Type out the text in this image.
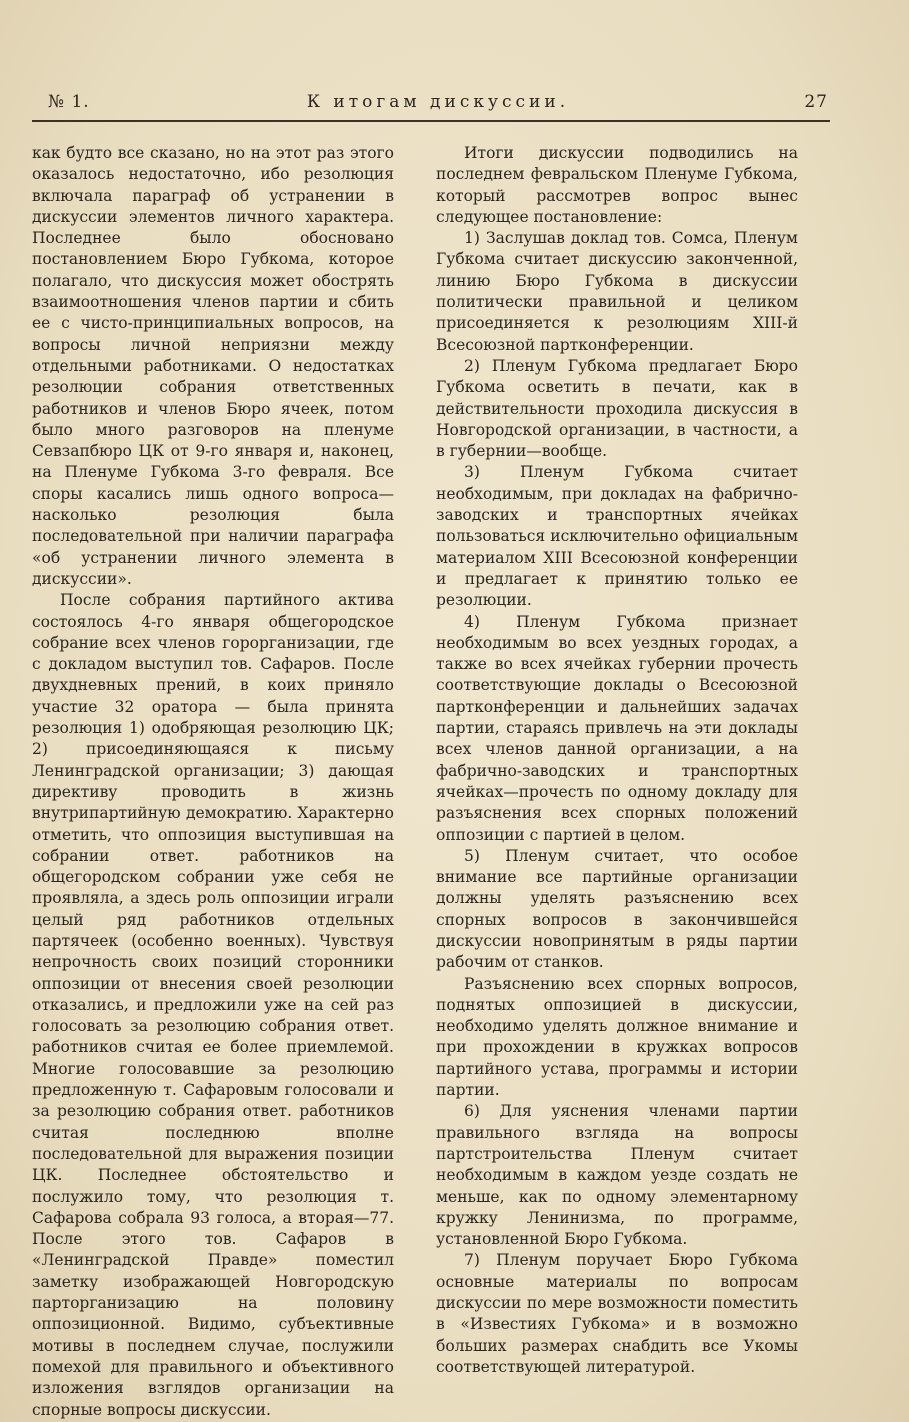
№ 1.	К итогам дискуссии.	27

как будто все сказано, но на этот раз этого оказалось недостаточно, ибо резолюция включала параграф об устранении в дискуссии элементов личного характера. Последнее было обосновано постановлением Бюро Губкома, которое полагало, что дискуссия может обострять взаимоотношения членов партии и сбить ее с чисто-принципиальных вопросов, на вопросы личной неприязни между отдельными работниками. О недостатках резолюции собрания ответственных работников и членов Бюро ячеек, потом было много разговоров на пленуме Севзапбюро ЦК от 9-го января и, наконец, на Пленуме Губкома 3-го февраля. Все споры касались лишь одного вопроса—насколько резолюция была последовательной при наличии параграфа «об устранении личного элемента в дискуссии».

После собрания партийного актива состоялось 4-го января общегородское собрание всех членов горорганизации, где с докладом выступил тов. Сафаров. После двухдневных прений, в коих приняло участие 32 оратора — была принята резолюция 1) одобряющая резолюцию ЦК; 2) присоединяющаяся к письму Ленинградской организации; 3) дающая директиву проводить в жизнь внутрипартийную демократию. Характерно отметить, что оппозиция выступившая на собрании ответ. работников на общегородском собрании уже себя не проявляла, а здесь роль оппозиции играли целый ряд работников отдельных партячеек (особенно военных). Чувствуя непрочность своих позиций сторонники оппозиции от внесения своей резолюции отказались, и предложили уже на сей раз голосовать за резолюцию собрания ответ. работников считая ее более приемлемой. Многие голосовавшие за резолюцию предложенную т. Сафаровым голосовали и за резолюцию собрания ответ. работников считая последнюю вполне последовательной для выражения позиции ЦК. Последнее обстоятельство и послужило тому, что резолюция т. Сафарова собрала 93 голоса, а вторая—77. После этого тов. Сафаров в «Ленинградской Правде» поместил заметку изображающей Новгородскую парторганизацию на половину оппозиционной. Видимо, субъективные мотивы в последнем случае, послужили помехой для правильного и объективного изложения взглядов организации на спорные вопросы дискуссии.

Итоги дискуссии подводились на последнем февральском Пленуме Губкома, который рассмотрев вопрос вынес следующее постановление:

1) Заслушав доклад тов. Сомса, Пленум Губкома считает дискуссию законченной, линию Бюро Губкома в дискуссии политически правильной и целиком присоединяется к резолюциям XIII-й Всесоюзной партконференции.

2) Пленум Губкома предлагает Бюро Губкома осветить в печати, как в действительности проходила дискуссия в Новгородской организации, в частности, а в губернии—вообще.

3) Пленум Губкома считает необходимым, при докладах на фабрично-заводских и транспортных ячейках пользоваться исключительно официальным материалом XIII Всесоюзной конференции и предлагает к принятию только ее резолюции.

4) Пленум Губкома признает необходимым во всех уездных городах, а также во всех ячейках губернии прочесть соответствующие доклады о Всесоюзной партконференции и дальнейших задачах партии, стараясь привлечь на эти доклады всех членов данной организации, а на фабрично-заводских и транспортных ячейках—прочесть по одному докладу для разъяснения всех спорных положений оппозиции с партией в целом.

5) Пленум считает, что особое внимание все партийные организации должны уделять разъяснению всех спорных вопросов в закончившейся дискуссии новопринятым в ряды партии рабочим от станков.

Разъяснению всех спорных вопросов, поднятых оппозицией в дискуссии, необходимо уделять должное внимание и при прохождении в кружках вопросов партийного устава, программы и истории партии.

6) Для уяснения членами партии правильного взгляда на вопросы партстроительства Пленум считает необходимым в каждом уезде создать не меньше, как по одному элементарному кружку Ленинизма, по программе, установленной Бюро Губкома.

7) Пленум поручает Бюро Губкома основные материалы по вопросам дискуссии по мере возможности поместить в «Известиях Губкома» и в возможно больших размерах снабдить все Укомы соответствующей литературой.
